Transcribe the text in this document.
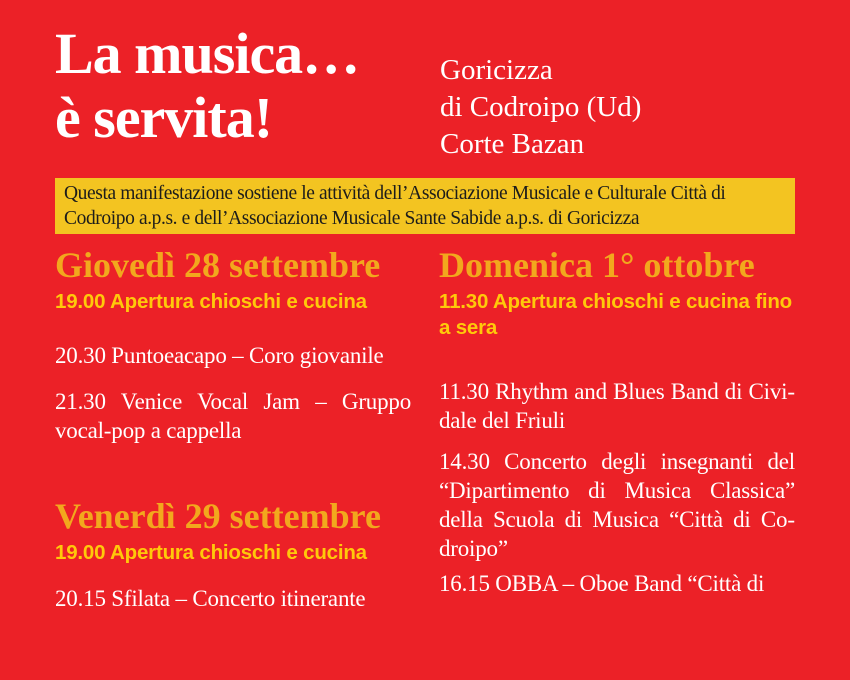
La musica…
è servita!
Goricizza
di Codroipo (Ud)
Corte Bazan
Questa manifestazione sostiene le attività dell’Associazione Musicale e Culturale Città di Codroipo a.p.s. e dell’Associazione Musicale Sante Sabide a.p.s. di Goricizza
Giovedì 28 settembre
19.00 Apertura chioschi e cucina

20.30 Puntoeacapo – Coro giovanile

21.30 Venice Vocal Jam – Gruppo vocal-pop a cappella

Venerdì 29 settembre
19.00 Apertura chioschi e cucina

20.15 Sfilata – Concerto itinerante

Domenica 1° ottobre
11.30 Apertura chioschi e cucina fino a sera

11.30 Rhythm and Blues Band di Cividale del Friuli

14.30 Concerto degli insegnanti del “Dipartimento di Musica Classica” della Scuola di Musica “Città di Codroipo”

16.15 OBBA – Oboe Band “Città di
